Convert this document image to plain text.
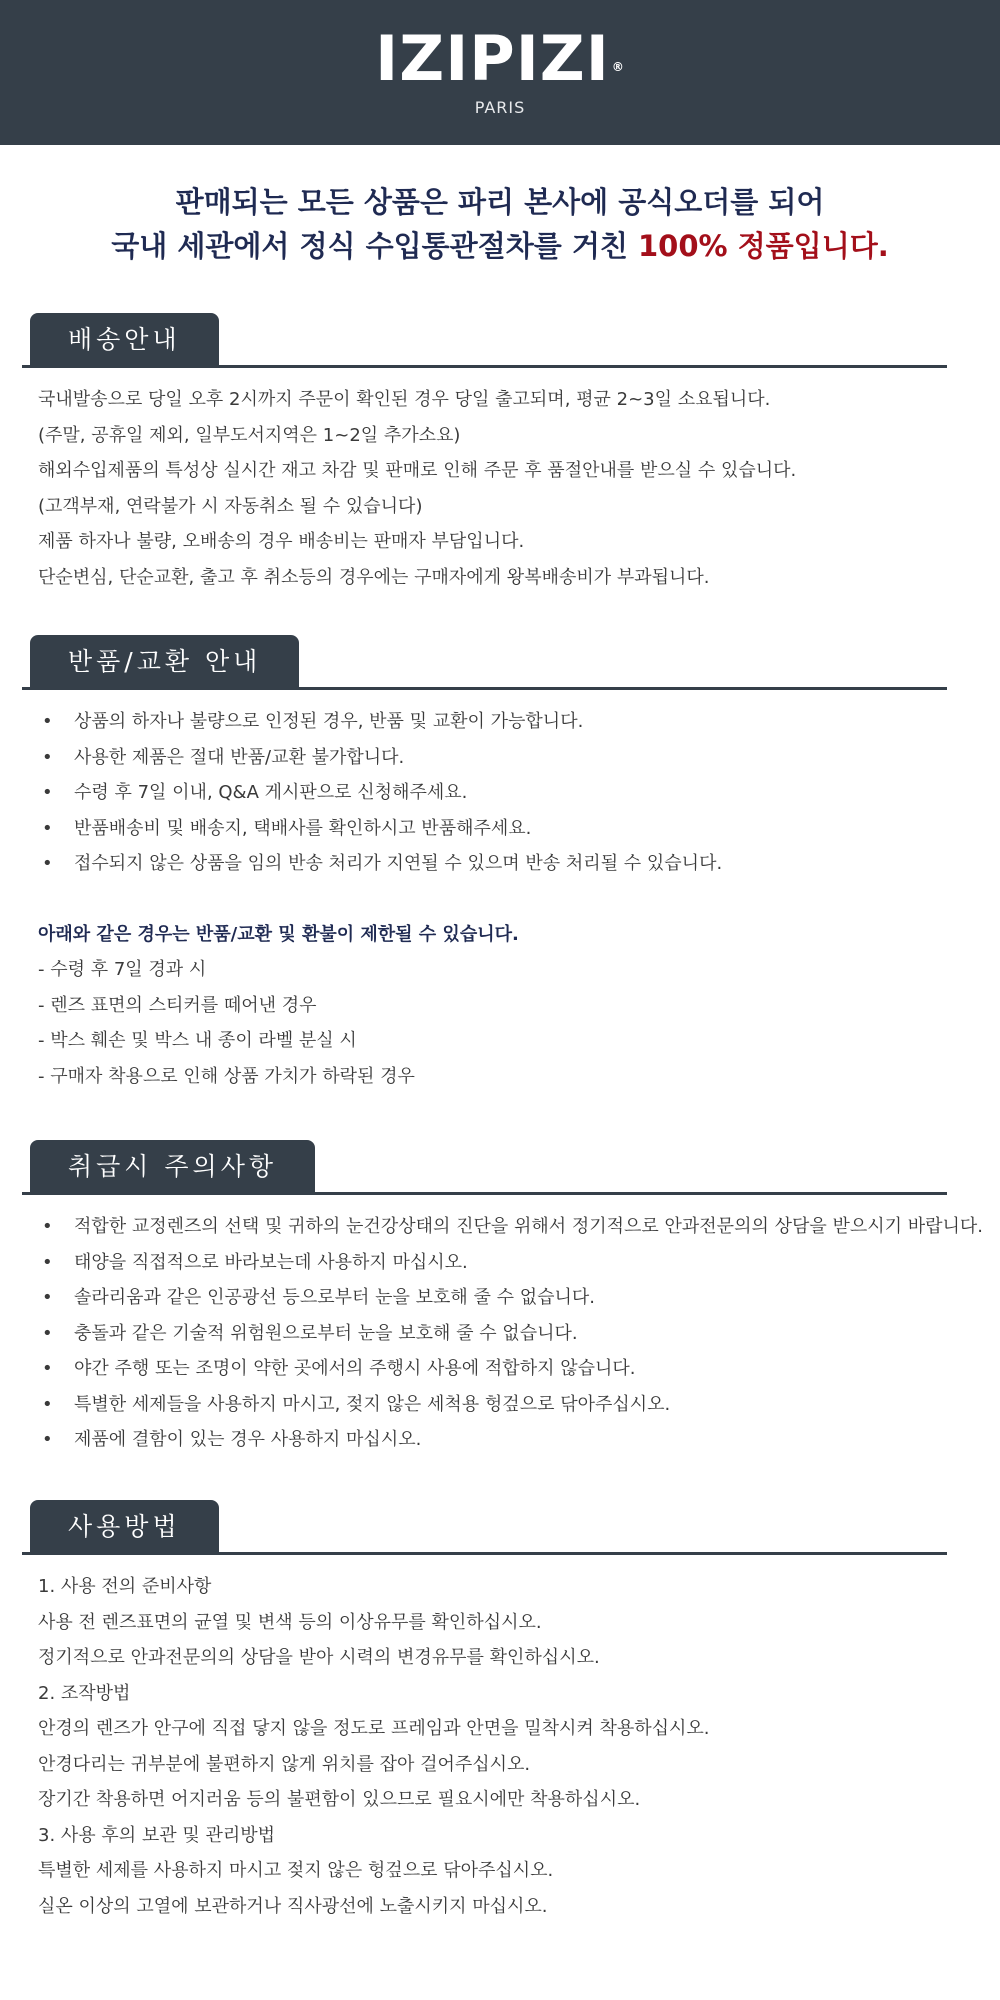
IZIPIZI ®
PARIS
판매되는 모든 상품은 파리 본사에 공식오더를 되어
국내 세관에서 정식 수입통관절차를 거친 100% 정품입니다.
배송안내

국내발송으로 당일 오후 2시까지 주문이 확인된 경우 당일 출고되며, 평균 2~3일 소요됩니다.

(주말, 공휴일 제외, 일부도서지역은 1~2일 추가소요)

해외수입제품의 특성상 실시간 재고 차감 및 판매로 인해 주문 후 품절안내를 받으실 수 있습니다.

(고객부재, 연락불가 시 자동취소 될 수 있습니다)

제품 하자나 불량, 오배송의 경우 배송비는 판매자 부담입니다.

단순변심, 단순교환, 출고 후 취소등의 경우에는 구매자에게 왕복배송비가 부과됩니다.

반품/교환 안내
• 상품의 하자나 불량으로 인정된 경우, 반품 및 교환이 가능합니다.
• 사용한 제품은 절대 반품/교환 불가합니다.
• 수령 후 7일 이내, Q&A 게시판으로 신청해주세요.
• 반품배송비 및 배송지, 택배사를 확인하시고 반품해주세요.
• 접수되지 않은 상품을 임의 반송 처리가 지연될 수 있으며 반송 처리될 수 있습니다.

아래와 같은 경우는 반품/교환 및 환불이 제한될 수 있습니다.

- 수령 후 7일 경과 시

- 렌즈 표면의 스티커를 떼어낸 경우

- 박스 훼손 및 박스 내 종이 라벨 분실 시

- 구매자 착용으로 인해 상품 가치가 하락된 경우

취급시 주의사항
• 적합한 교정렌즈의 선택 및 귀하의 눈건강상태의 진단을 위해서 정기적으로 안과전문의의 상담을 받으시기 바랍니다.
• 태양을 직접적으로 바라보는데 사용하지 마십시오.
• 솔라리움과 같은 인공광선 등으로부터 눈을 보호해 줄 수 없습니다.
• 충돌과 같은 기술적 위험원으로부터 눈을 보호해 줄 수 없습니다.
• 야간 주행 또는 조명이 약한 곳에서의 주행시 사용에 적합하지 않습니다.
• 특별한 세제들을 사용하지 마시고, 젖지 않은 세척용 헝겊으로 닦아주십시오.
• 제품에 결함이 있는 경우 사용하지 마십시오.
사용방법

1. 사용 전의 준비사항

사용 전 렌즈표면의 균열 및 변색 등의 이상유무를 확인하십시오.

정기적으로 안과전문의의 상담을 받아 시력의 변경유무를 확인하십시오.

2. 조작방법

안경의 렌즈가 안구에 직접 닿지 않을 정도로 프레임과 안면을 밀착시켜 착용하십시오.

안경다리는 귀부분에 불편하지 않게 위치를 잡아 걸어주십시오.

장기간 착용하면 어지러움 등의 불편함이 있으므로 필요시에만 착용하십시오.

3. 사용 후의 보관 및 관리방법

특별한 세제를 사용하지 마시고 젖지 않은 헝겊으로 닦아주십시오.

실온 이상의 고열에 보관하거나 직사광선에 노출시키지 마십시오.
